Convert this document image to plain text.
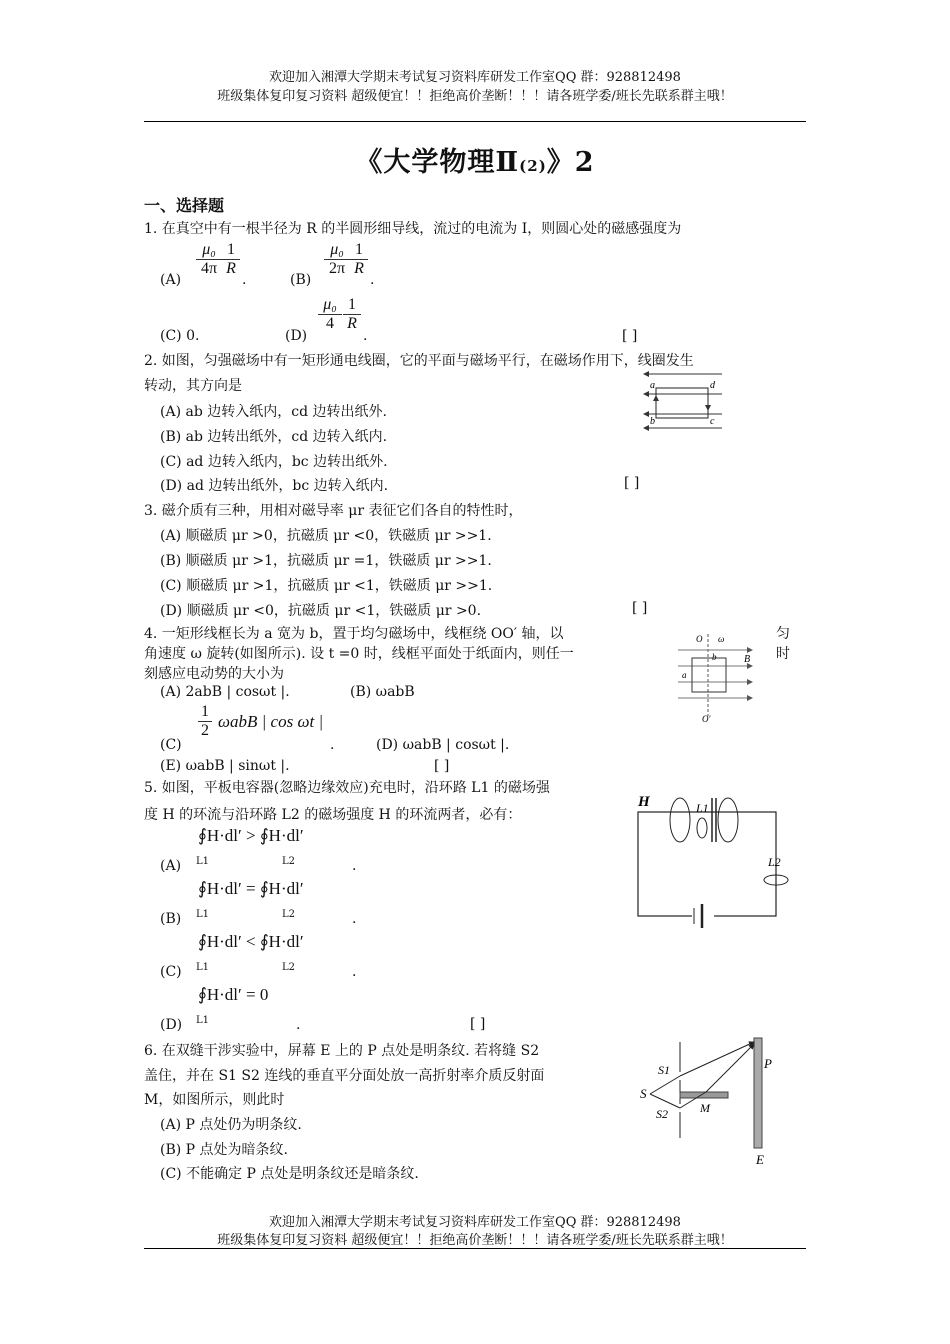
欢迎加入湘潭大学期末考试复习资料库研发工作室QQ 群：928812498
班级集体复印复习资料 超级便宜！！拒绝高价垄断！！！请各班学委/班长先联系群主哦！
《大学物理Ⅱ(2)》2
一、选择题
1. 在真空中有一根半径为 R 的半圆形细导线，流过的电流为 I，则圆心处的磁感强度为
(A)
$\frac{\text{μ₀}}{4\pi} \frac{1}{R}$
.	(B)
$\frac{\text{μ₀}}{2\pi} \frac{1}{R}$
.
(C) 0.	(D)
$\frac{\text{μ₀}}{4} \frac{1}{R}$
.	[ ]
2. 如图，匀强磁场中有一矩形通电线圈，它的平面与磁场平行，在磁场作用下，线圈发生
转动，其方向是
(A) ab 边转入纸内，cd 边转出纸外.
(B) ab 边转出纸外，cd 边转入纸内.
(C) ad 边转入纸内，bc 边转出纸外.
(D) ad 边转出纸外，bc 边转入纸内.	[ ]
a	d
b	c
3. 磁介质有三种，用相对磁导率 μr 表征它们各自的特性时，
(A) 顺磁质 μr >0，抗磁质 μr <0，铁磁质 μr >>1.
(B) 顺磁质 μr >1，抗磁质 μr =1，铁磁质 μr >>1.
(C) 顺磁质 μr >1，抗磁质 μr <1，铁磁质 μr >>1.
(D) 顺磁质 μr <0，抗磁质 μr <1，铁磁质 μr >0.	[ ]
4. 一矩形线框长为 a 宽为 b，置于均匀磁场中，线框绕 OO′ 轴，以	匀
角速度 ω 旋转(如图所示). 设 t =0 时，线框平面处于纸面内，则任一	时
刻感应电动势的大小为
(A) 2abB | cosωt |.	(B) ωabB
(C)
$\frac{1}{2}$ ωabB | cos ωt |
.	(D) ωabB | cosωt |.
(E) ωabB | sinωt |.	[ ]
O ω
b
a
B
O′
5. 如图，平板电容器(忽略边缘效应)充电时，沿环路 L1 的磁场强
度 H 的环流与沿环路 L2 的磁场强度 H 的环流两者，必有：
(A)
∮H·dl′ > ∮H·dl′
L1	L2	.
(B)
∮H·dl′ = ∮H·dl′
L1	L2	.
(C)
∮H·dl′ < ∮H·dl′
L1	L2	.
(D)
∮H·dl′ = 0
L1	.	[ ]
H	L1
L2
6. 在双缝干涉实验中，屏幕 E 上的 P 点处是明条纹. 若将缝 S2
盖住，并在 S1 S2 连线的垂直平分面处放一高折射率介质反射面
M，如图所示，则此时
(A) P 点处仍为明条纹.
(B) P 点处为暗条纹.
(C) 不能确定 P 点处是明条纹还是暗条纹.
S
S1
S2	M
P
E
欢迎加入湘潭大学期末考试复习资料库研发工作室QQ 群：928812498
班级集体复印复习资料 超级便宜！！拒绝高价垄断！！！请各班学委/班长先联系群主哦！
